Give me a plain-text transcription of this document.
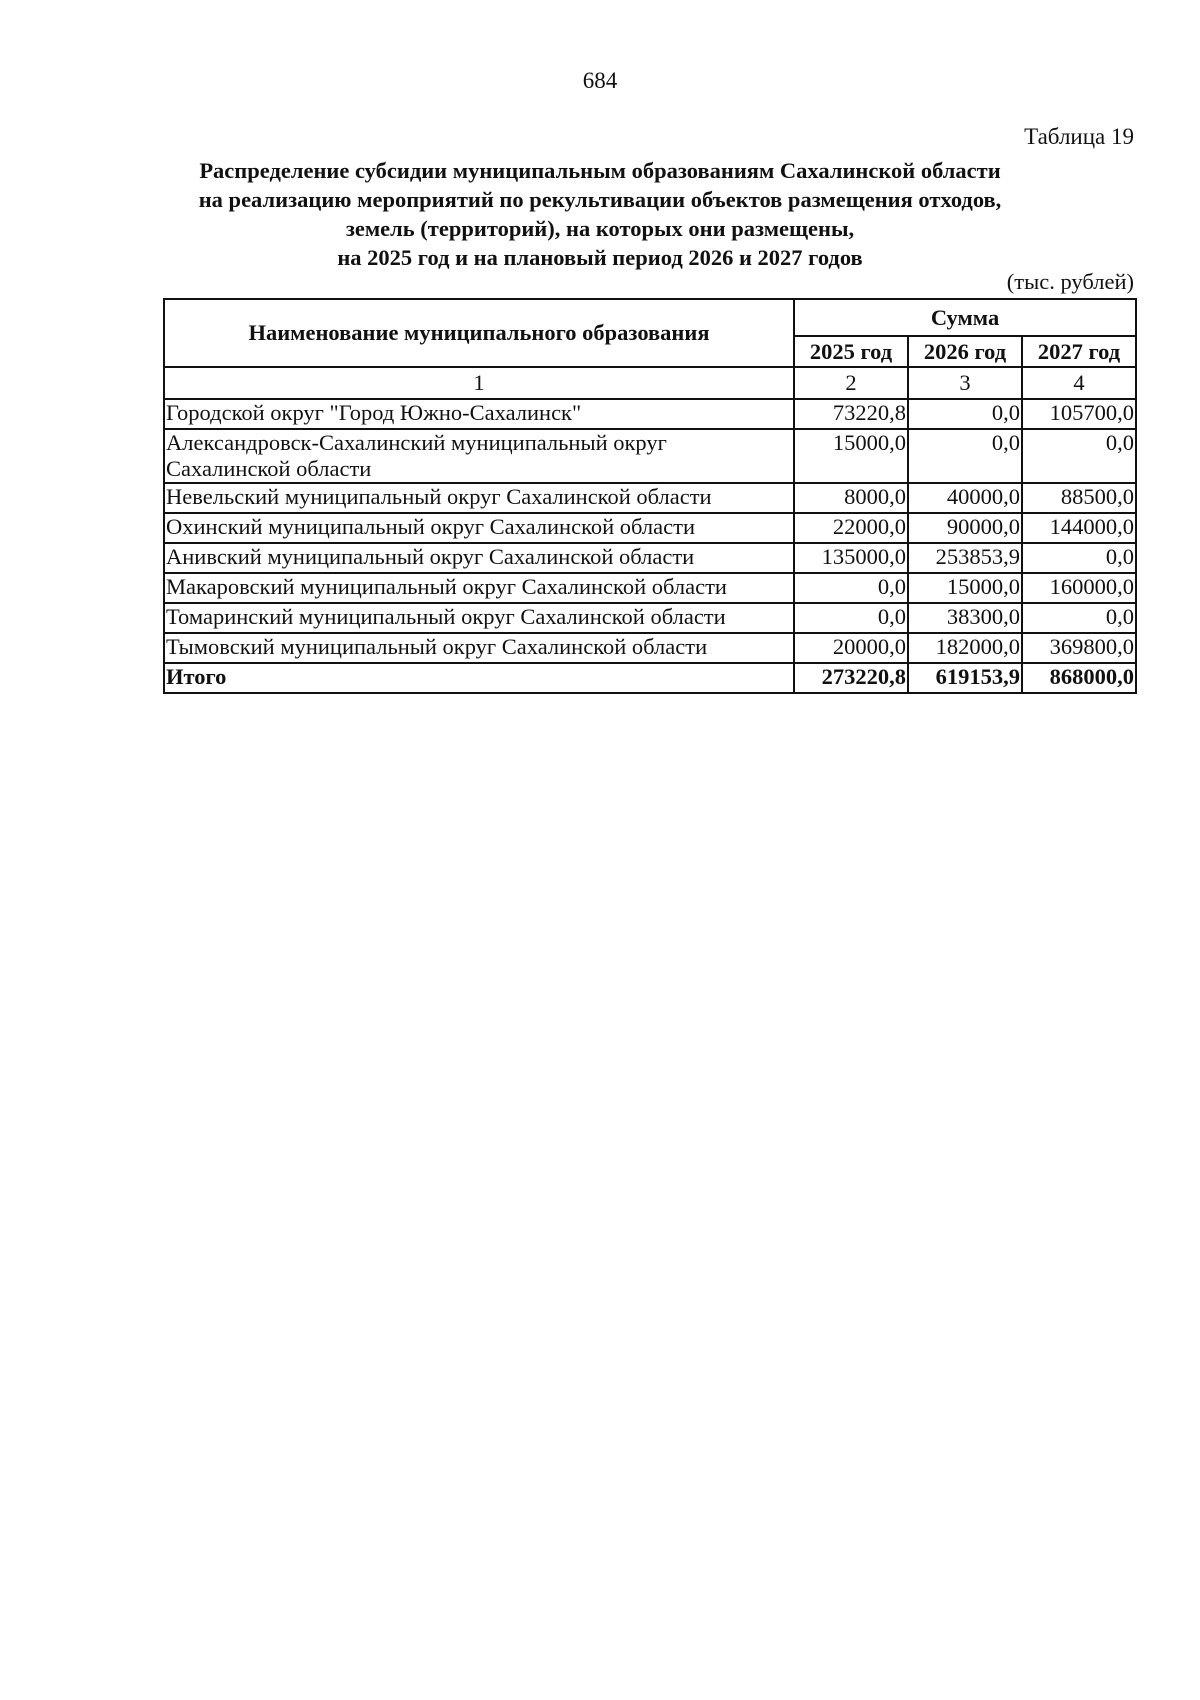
684
Таблица 19
Распределение субсидии муниципальным образованиям Сахалинской области
на реализацию мероприятий по рекультивации объектов размещения отходов,
земель (территорий), на которых они размещены,
на 2025 год и на плановый период 2026 и 2027 годов
(тыс. рублей)
Наименование муниципального образования	Сумма		
	2025 год	2026 год	2027 год
1	2	3	4
Городской округ "Город Южно-Сахалинск"	73220,8	0,0	105700,0
Александровск-Сахалинский муниципальный округ Сахалинской области	15000,0	0,0	0,0
Невельский муниципальный округ Сахалинской области	8000,0	40000,0	88500,0
Охинский муниципальный округ Сахалинской области	22000,0	90000,0	144000,0
Анивский муниципальный округ Сахалинской области	135000,0	253853,9	0,0
Макаровский муниципальный округ Сахалинской области	0,0	15000,0	160000,0
Томаринский муниципальный округ Сахалинской области	0,0	38300,0	0,0
Тымовский муниципальный округ Сахалинской области	20000,0	182000,0	369800,0
Итого	273220,8	619153,9	868000,0
